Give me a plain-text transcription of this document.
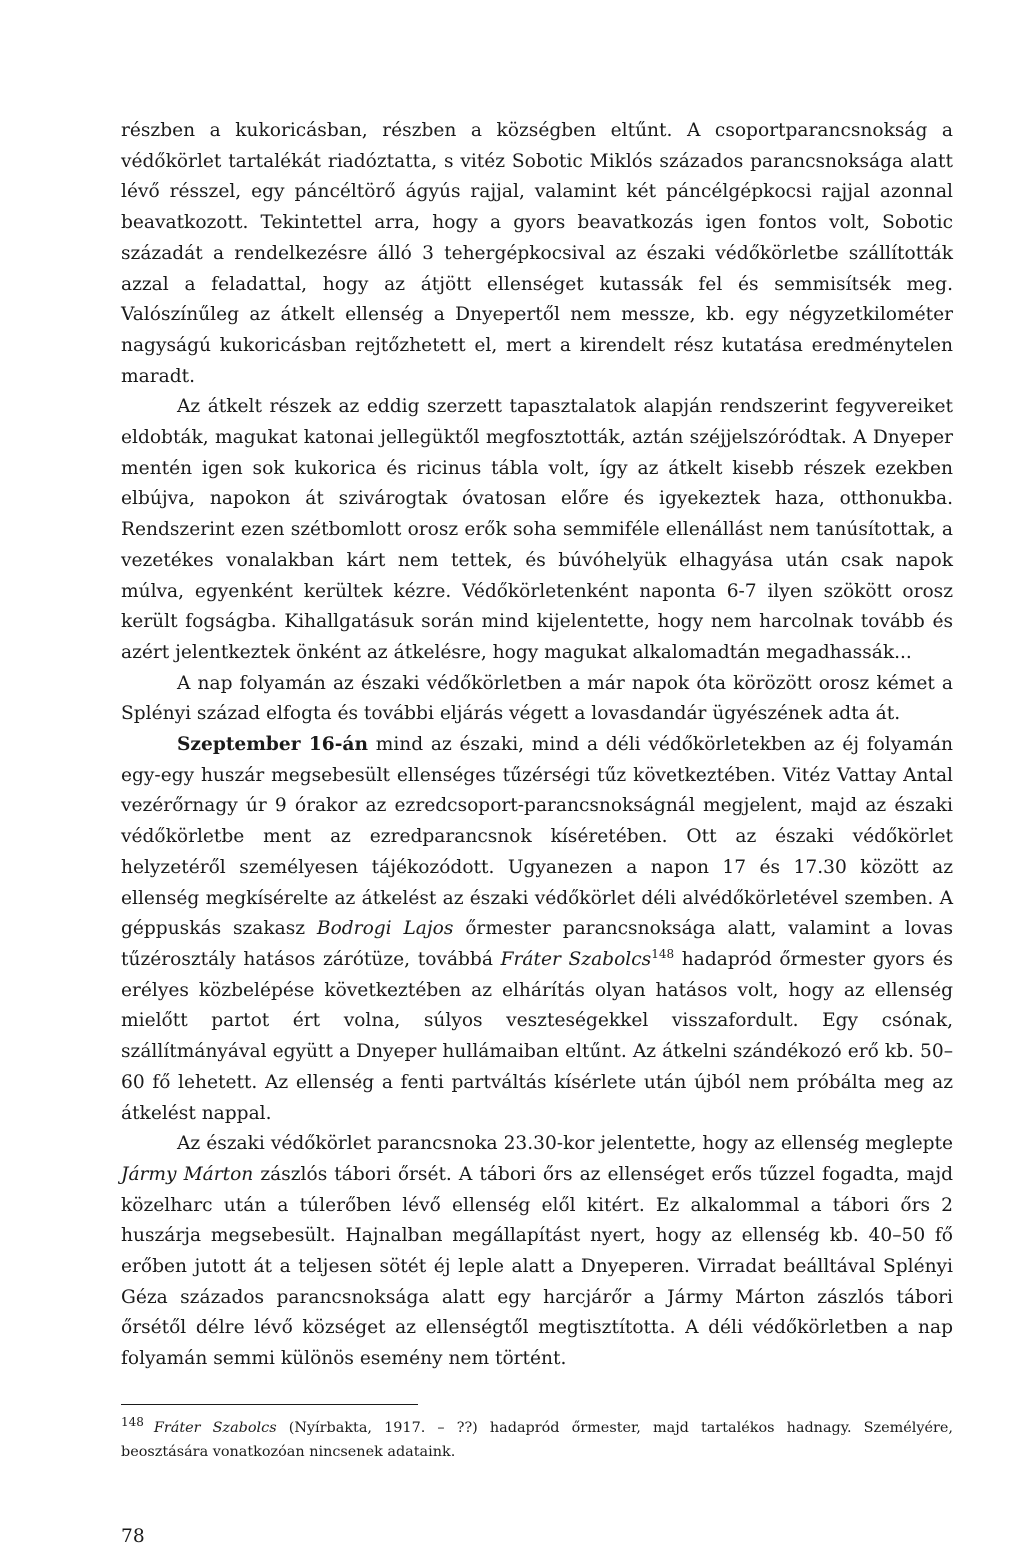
részben a kukoricásban, részben a községben eltűnt. A csoportparancsnokság a védőkörlet tartalékát riadóztatta, s vitéz Sobotic Miklós százados parancsnoksága alatt lévő résszel, egy páncéltörő ágyús rajjal, valamint két páncélgépkocsi rajjal azonnal beavatkozott. Tekintettel arra, hogy a gyors beavatkozás igen fontos volt, Sobotic századát a rendelkezésre álló 3 tehergépkocsival az északi védőkörletbe szállították azzal a feladattal, hogy az átjött ellenséget kutassák fel és semmisítsék meg. Valószínűleg az átkelt ellenség a Dnyepertől nem messze, kb. egy négyzetkilométer nagyságú kukoricásban rejtőzhetett el, mert a kirendelt rész kutatása eredménytelen maradt.

Az átkelt részek az eddig szerzett tapasztalatok alapján rendszerint fegyvereiket eldobták, magukat katonai jellegüktől megfosztották, aztán széjjelszóródtak. A Dnyeper mentén igen sok kukorica és ricinus tábla volt, így az átkelt kisebb részek ezekben elbújva, napokon át szivárogtak óvatosan előre és igyekeztek haza, otthonukba. Rendszerint ezen szétbomlott orosz erők soha semmiféle ellenállást nem tanúsítottak, a vezetékes vonalakban kárt nem tettek, és búvóhelyük elhagyása után csak napok múlva, egyenként kerültek kézre. Védőkörletenként naponta 6-7 ilyen szökött orosz került fogságba. Kihallgatásuk során mind kijelentette, hogy nem harcolnak tovább és azért jelentkeztek önként az átkelésre, hogy magukat alkalomadtán megadhassák...

A nap folyamán az északi védőkörletben a már napok óta körözött orosz kémet a Splényi század elfogta és további eljárás végett a lovasdandár ügyészének adta át.

Szeptember 16-án mind az északi, mind a déli védőkörletekben az éj folyamán egy-egy huszár megsebesült ellenséges tűzérségi tűz következtében. Vitéz Vattay Antal vezérőrnagy úr 9 órakor az ezredcsoport-parancsnokságnál megjelent, majd az északi védőkörletbe ment az ezredparancsnok kíséretében. Ott az északi védőkörlet helyzetéről személyesen tájékozódott. Ugyanezen a napon 17 és 17.30 között az ellenség megkísérelte az átkelést az északi védőkörlet déli alvédőkörletével szemben. A géppuskás szakasz Bodrogi Lajos őrmester parancsnoksága alatt, valamint a lovas tűzérosztály hatásos zárótüze, továbbá Fráter Szabolcs$^{148}$ hadapród őrmester gyors és erélyes közbelépése következtében az elhárítás olyan hatásos volt, hogy az ellenség mielőtt partot ért volna, súlyos veszteségekkel visszafordult. Egy csónak, szállítmányával együtt a Dnyeper hullámaiban eltűnt. Az átkelni szándékozó erő kb. 50–60 fő lehetett. Az ellenség a fenti partváltás kísérlete után újból nem próbálta meg az átkelést nappal.

Az északi védőkörlet parancsnoka 23.30-kor jelentette, hogy az ellenség meglepte Jármy Márton zászlós tábori őrsét. A tábori őrs az ellenséget erős tűzzel fogadta, majd közelharc után a túlerőben lévő ellenség elől kitért. Ez alkalommal a tábori őrs 2 huszárja megsebesült. Hajnalban megállapítást nyert, hogy az ellenség kb. 40–50 fő erőben jutott át a teljesen sötét éj leple alatt a Dnyeperen. Virradat beálltával Splényi Géza százados parancsnoksága alatt egy harcjárőr a Jármy Márton zászlós tábori őrsétől délre lévő községet az ellenségtől megtisztította. A déli védőkörletben a nap folyamán semmi különös esemény nem történt.

$^{148}$ Fráter Szabolcs (Nyírbakta, 1917. – ??) hadapród őrmester, majd tartalékos hadnagy. Személyére, beosztására vonatkozóan nincsenek adataink.
78
